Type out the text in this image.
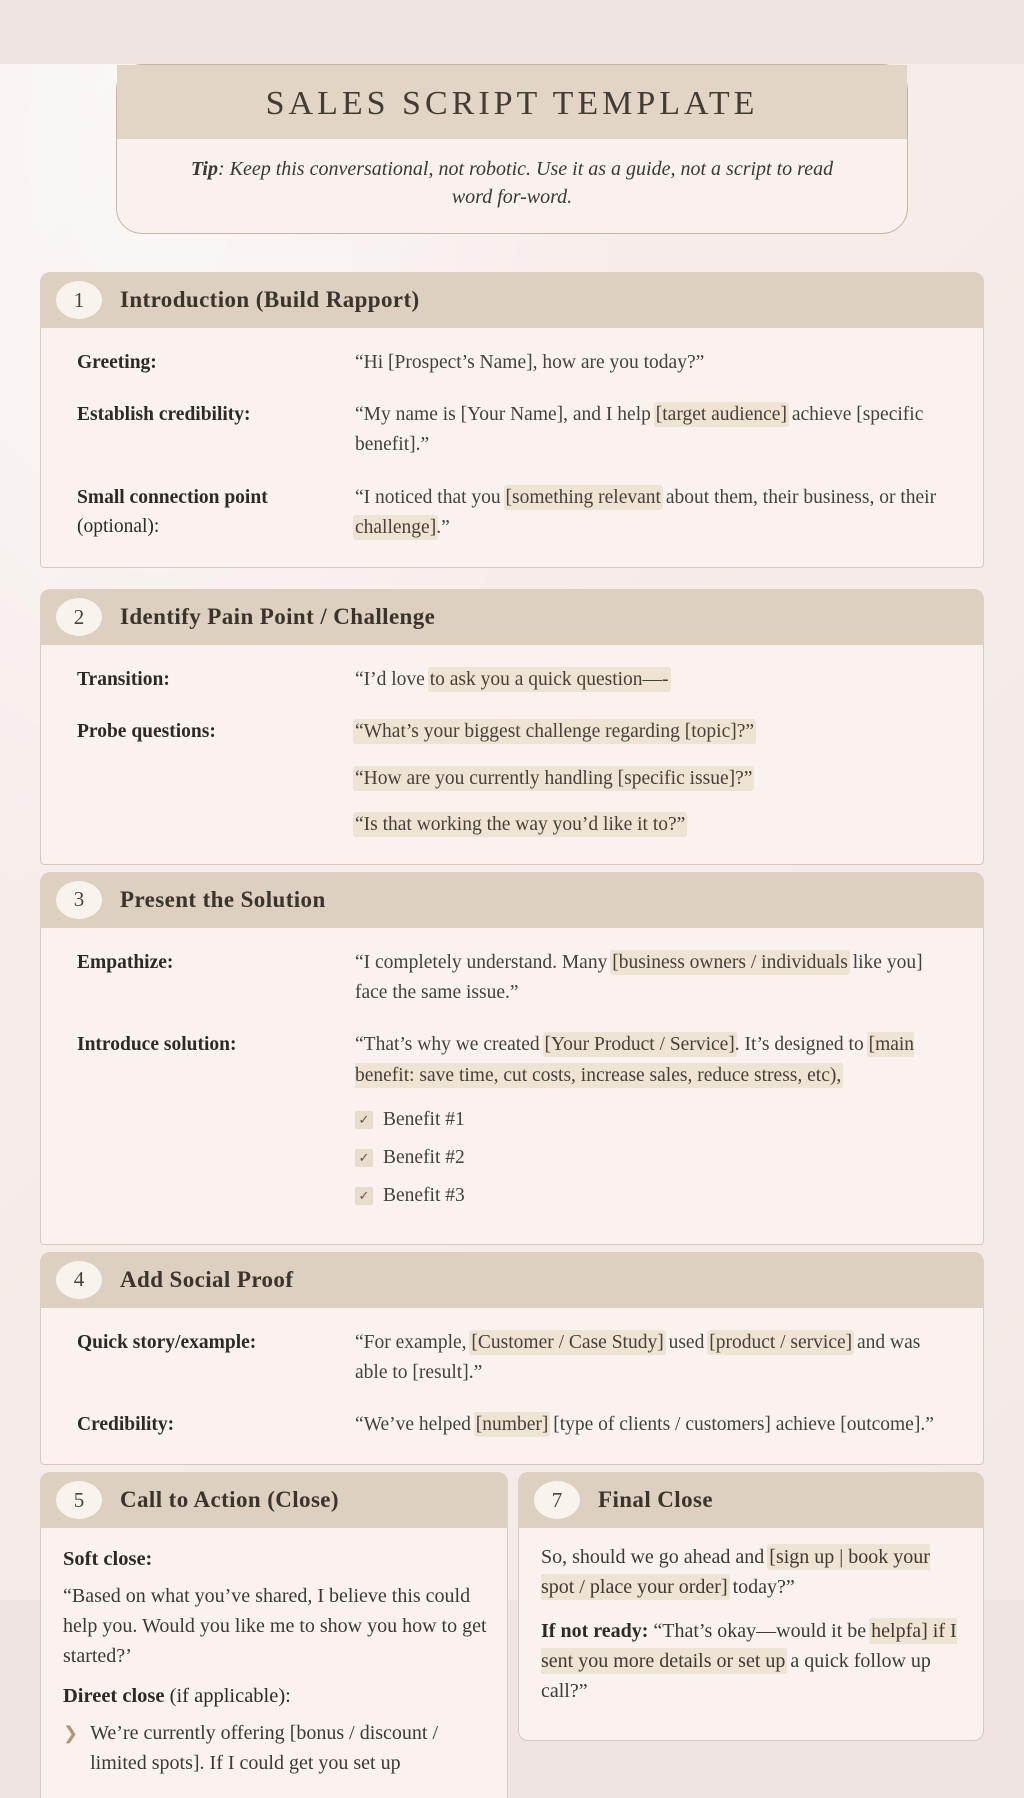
SALES SCRIPT TEMPLATE
Tip: Keep this conversational, not robotic. Use it as a guide, not a script to read word for-word.
1	Introduction (Build Rapport)
Greeting:	“Hi [Prospect’s Name], how are you today?”
Establish credibility:	“My name is [Your Name], and I help [target audience] achieve [specific benefit].”
Small connection point
(optional):
“I noticed that you [something relevant about them, their business, or their challenge].”
2	Identify Pain Point / Challenge
Transition:	“I’d love to ask you a quick question—-
Probe questions:	“What’s your biggest challenge regarding [topic]?”
“How are you currently handling [specific issue]?”
“Is that working the way you’d like it to?”
3	Present the Solution
Empathize:	“I completely understand. Many [business owners / individuals like you] face the same issue.”
Introduce solution:	“That’s why we created [Your Product / Service]. It’s designed to [main benefit: save time, cut costs, increase sales, reduce stress, etc),
✓ Benefit #1
✓ Benefit #2
✓ Benefit #3
4	Add Social Proof
Quick story/example:	“For example, [Customer / Case Study] used [product / service] and was able to [result].”
Credibility:	“We’ve helped [number] [type of clients / customers] achieve [outcome].”
5	Call to Action (Close)
Soft close:
“Based on what you’ve shared, I believe this could help you. Would you like me to show you how to get started?’
Direet close (if applicable):
❯ We’re currently offering [bonus / discount / limited spots]. If I could get you set up
7	Final Close
So, should we go ahead and [sign up | book your spot / place your order] today?”
If not ready: “That’s okay—would it be helpfa] if I sent you more details or set up a quick follow up call?”
